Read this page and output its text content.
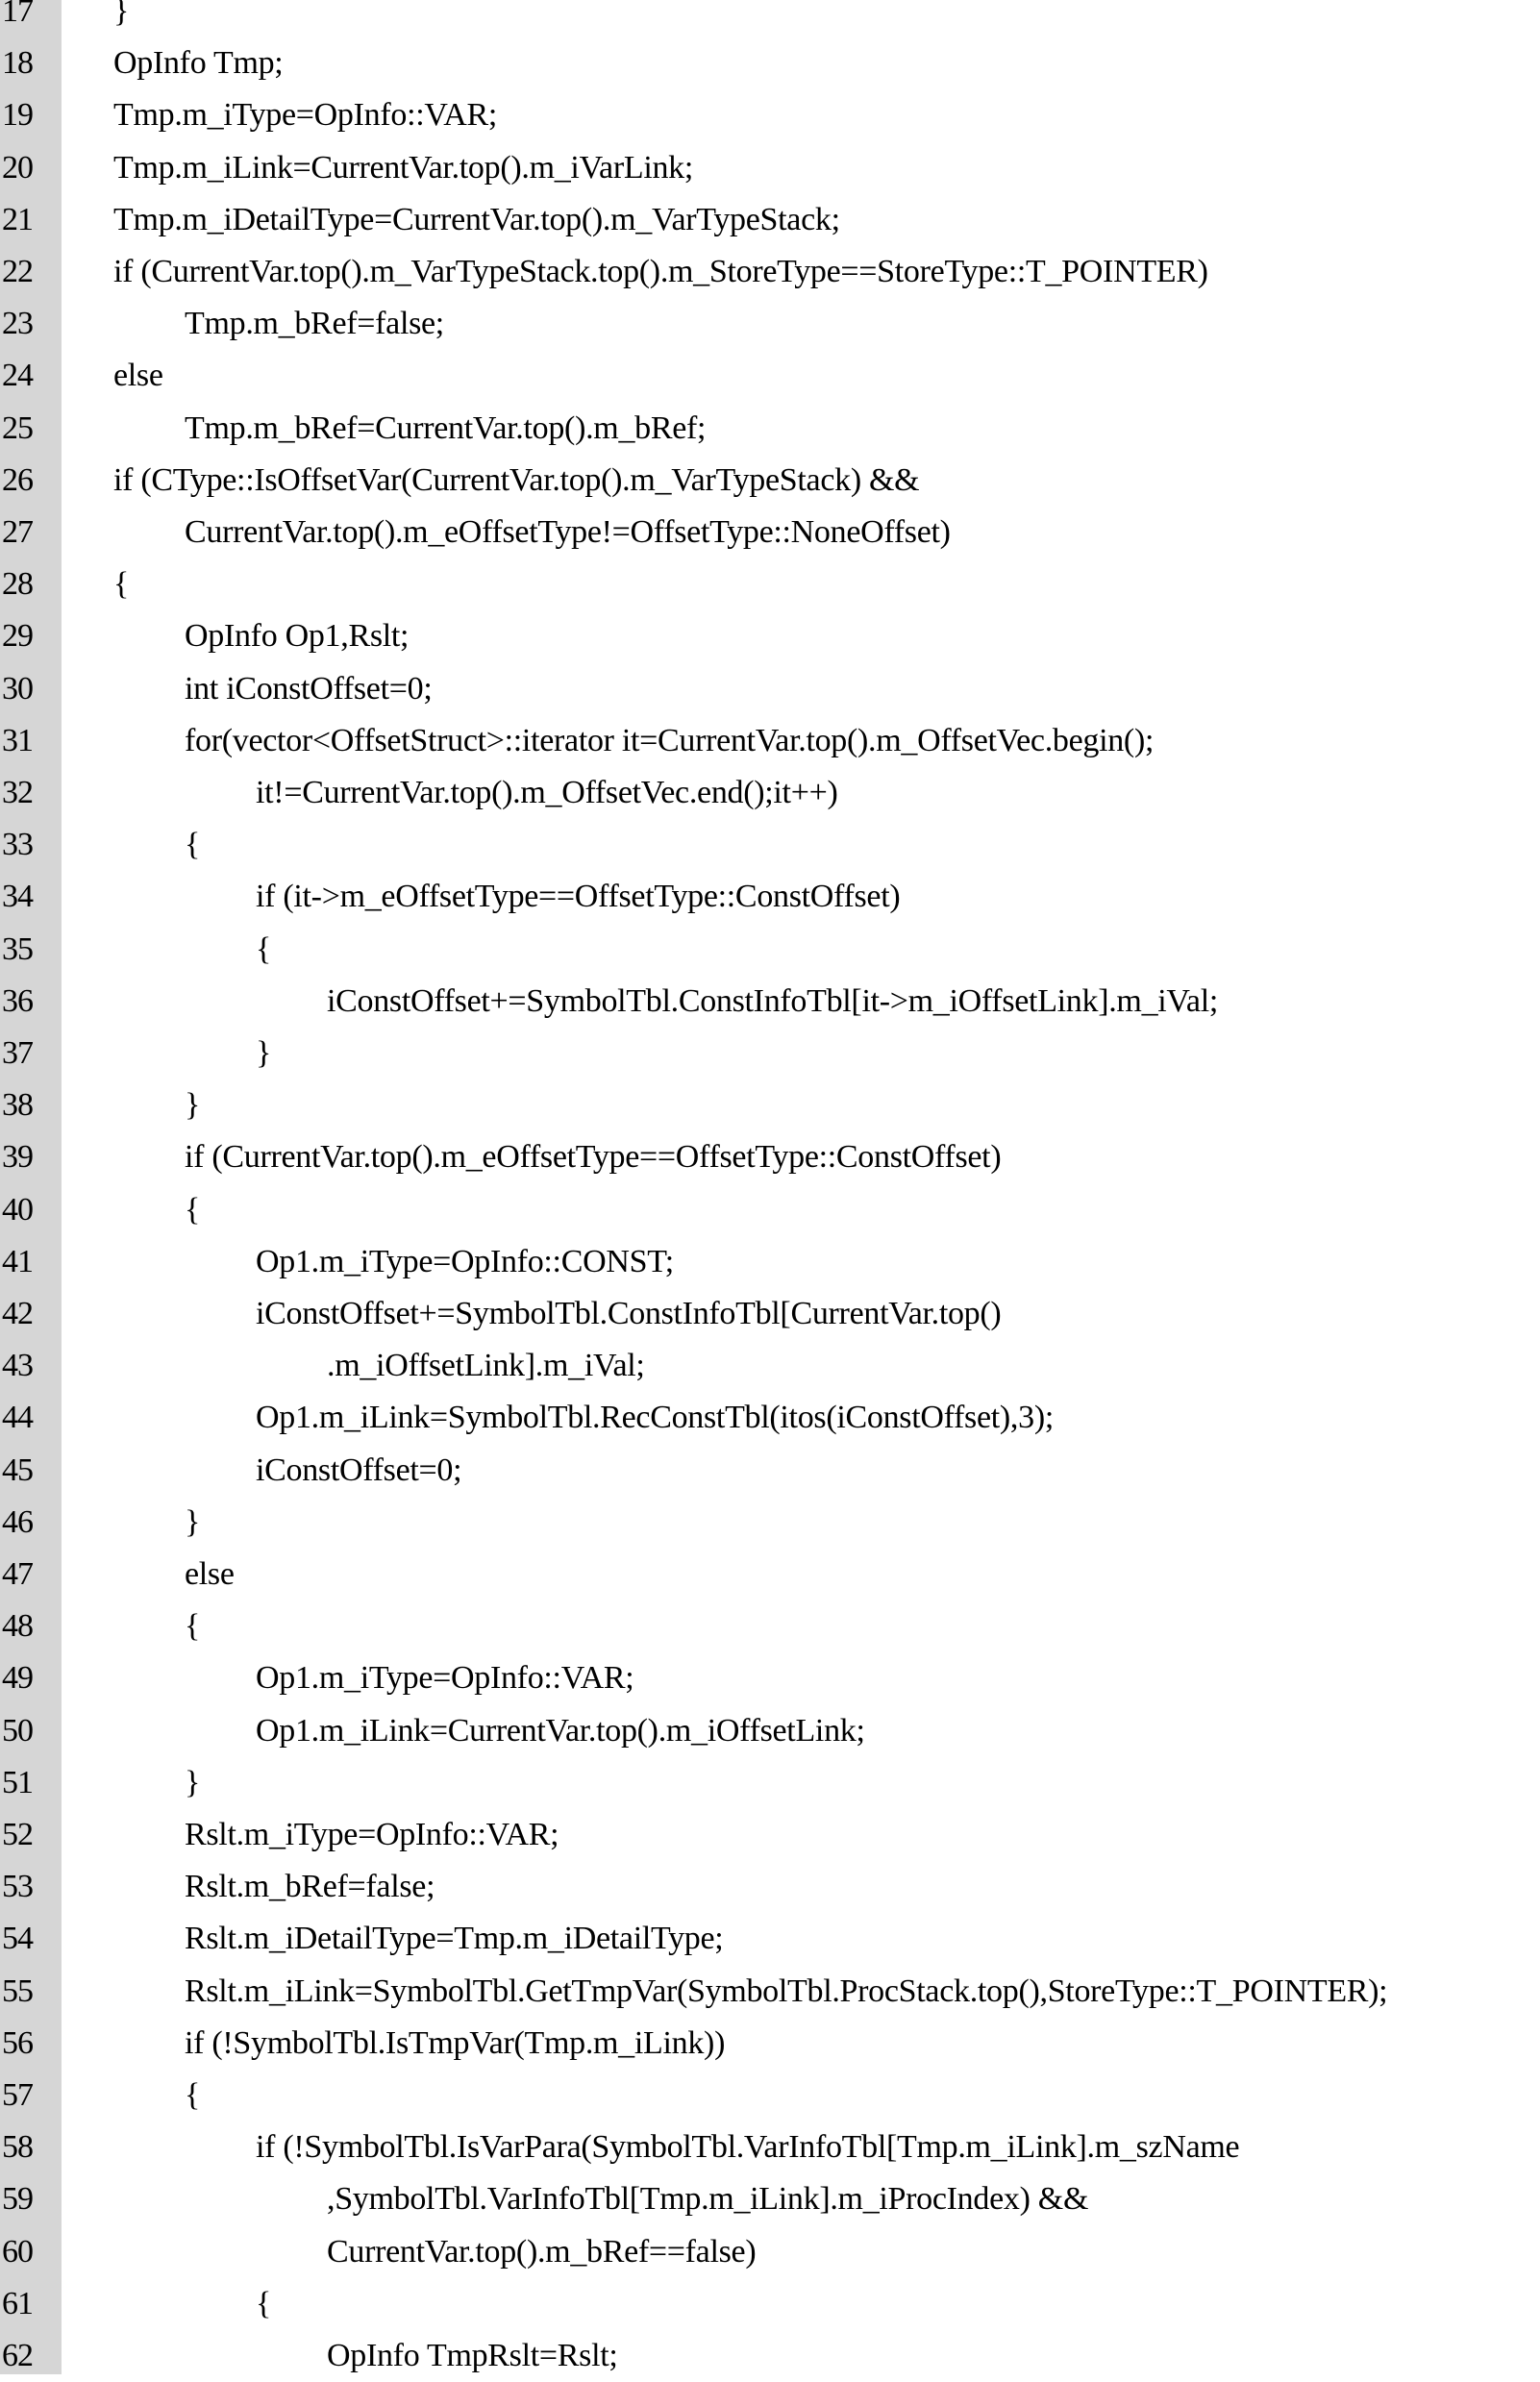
17	}
18	OpInfo Tmp;
19	Tmp.m_iType=OpInfo::VAR;
20	Tmp.m_iLink=CurrentVar.top().m_iVarLink;
21	Tmp.m_iDetailType=CurrentVar.top().m_VarTypeStack;
22	if (CurrentVar.top().m_VarTypeStack.top().m_StoreType==StoreType::T_POINTER)
23	Tmp.m_bRef=false;
24	else
25	Tmp.m_bRef=CurrentVar.top().m_bRef;
26	if (CType::IsOffsetVar(CurrentVar.top().m_VarTypeStack) &&
27	CurrentVar.top().m_eOffsetType!=OffsetType::NoneOffset)
28	{
29	OpInfo Op1,Rslt;
30	int iConstOffset=0;
31	for(vector<OffsetStruct>::iterator it=CurrentVar.top().m_OffsetVec.begin();
32	it!=CurrentVar.top().m_OffsetVec.end();it++)
33	{
34	if (it->m_eOffsetType==OffsetType::ConstOffset)
35	{
36	iConstOffset+=SymbolTbl.ConstInfoTbl[it->m_iOffsetLink].m_iVal;
37	}
38	}
39	if (CurrentVar.top().m_eOffsetType==OffsetType::ConstOffset)
40	{
41	Op1.m_iType=OpInfo::CONST;
42	iConstOffset+=SymbolTbl.ConstInfoTbl[CurrentVar.top()
43	.m_iOffsetLink].m_iVal;
44	Op1.m_iLink=SymbolTbl.RecConstTbl(itos(iConstOffset),3);
45	iConstOffset=0;
46	}
47	else
48	{
49	Op1.m_iType=OpInfo::VAR;
50	Op1.m_iLink=CurrentVar.top().m_iOffsetLink;
51	}
52	Rslt.m_iType=OpInfo::VAR;
53	Rslt.m_bRef=false;
54	Rslt.m_iDetailType=Tmp.m_iDetailType;
55	Rslt.m_iLink=SymbolTbl.GetTmpVar(SymbolTbl.ProcStack.top(),StoreType::T_POINTER);
56	if (!SymbolTbl.IsTmpVar(Tmp.m_iLink))
57	{
58	if (!SymbolTbl.IsVarPara(SymbolTbl.VarInfoTbl[Tmp.m_iLink].m_szName
59	,SymbolTbl.VarInfoTbl[Tmp.m_iLink].m_iProcIndex) &&
60	CurrentVar.top().m_bRef==false)
61	{
62	OpInfo TmpRslt=Rslt;
